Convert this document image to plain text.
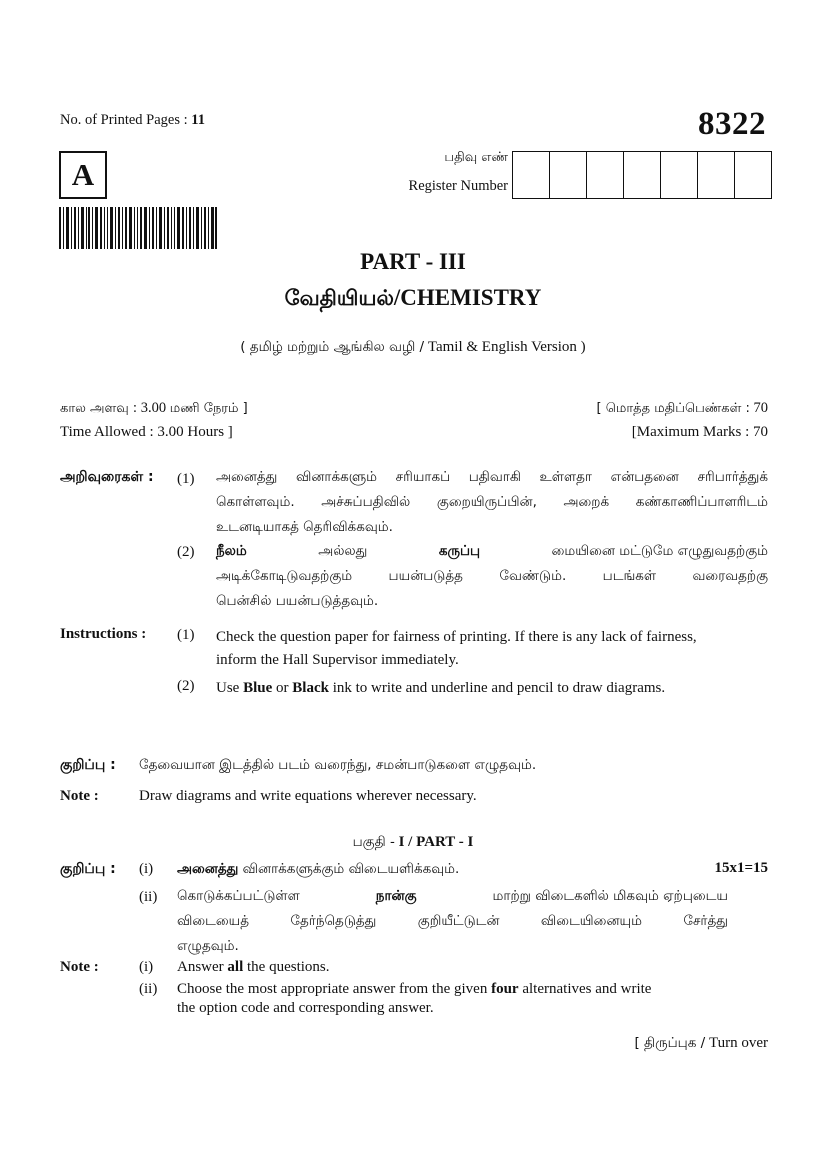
No. of Printed Pages : 11	8322
A	பதிவு எண்
Register Number
PART - III
வேதியியல்/CHEMISTRY
( தமிழ் மற்றும் ஆங்கில வழி / Tamil & English Version )
கால அளவு : 3.00 மணி நேரம் ]
Time Allowed : 3.00 Hours ]
[ மொத்த மதிப்பெண்கள் : 70
[Maximum Marks : 70
அறிவுரைகள் : (1) அனைத்து வினாக்களும் சரியாகப் பதிவாகி உள்ளதா என்பதனை சரிபார்த்துக்
கொள்ளவும். அச்சுப்பதிவில் குறையிருப்பின், அறைக் கண்காணிப்பாளரிடம்
உடனடியாகத் தெரிவிக்கவும்.
(2) நீலம்	அல்லது	கருப்பு	மையினை மட்டுமே எழுதுவதற்கும்
அடிக்கோடிடுவதற்கும் பயன்படுத்த வேண்டும். படங்கள் வரைவதற்கு
பென்சில் பயன்படுத்தவும்.
Instructions : (1) Check the question paper for fairness of printing. If there is any lack of fairness,
inform the Hall Supervisor immediately.
(2) Use Blue or Black ink to write and underline and pencil to draw diagrams.
குறிப்பு : தேவையான இடத்தில் படம் வரைந்து, சமன்பாடுகளை எழுதவும்.
Note :	Draw diagrams and write equations wherever necessary.
பகுதி - I / PART - I
15x1=15
குறிப்பு : (i) அனைத்து வினாக்களுக்கும் விடையளிக்கவும்.
(ii) கொடுக்கப்பட்டுள்ள	நான்கு	மாற்று விடைகளில் மிகவும் ஏற்புடைய
விடையைத் தேர்ந்தெடுத்து குறியீட்டுடன் விடையினையும் சேர்த்து
எழுதவும்.
Note :	(i) Answer all the questions.
(ii) Choose the most appropriate answer from the given four alternatives and write
the option code and corresponding answer.
[ திருப்புக / Turn over
